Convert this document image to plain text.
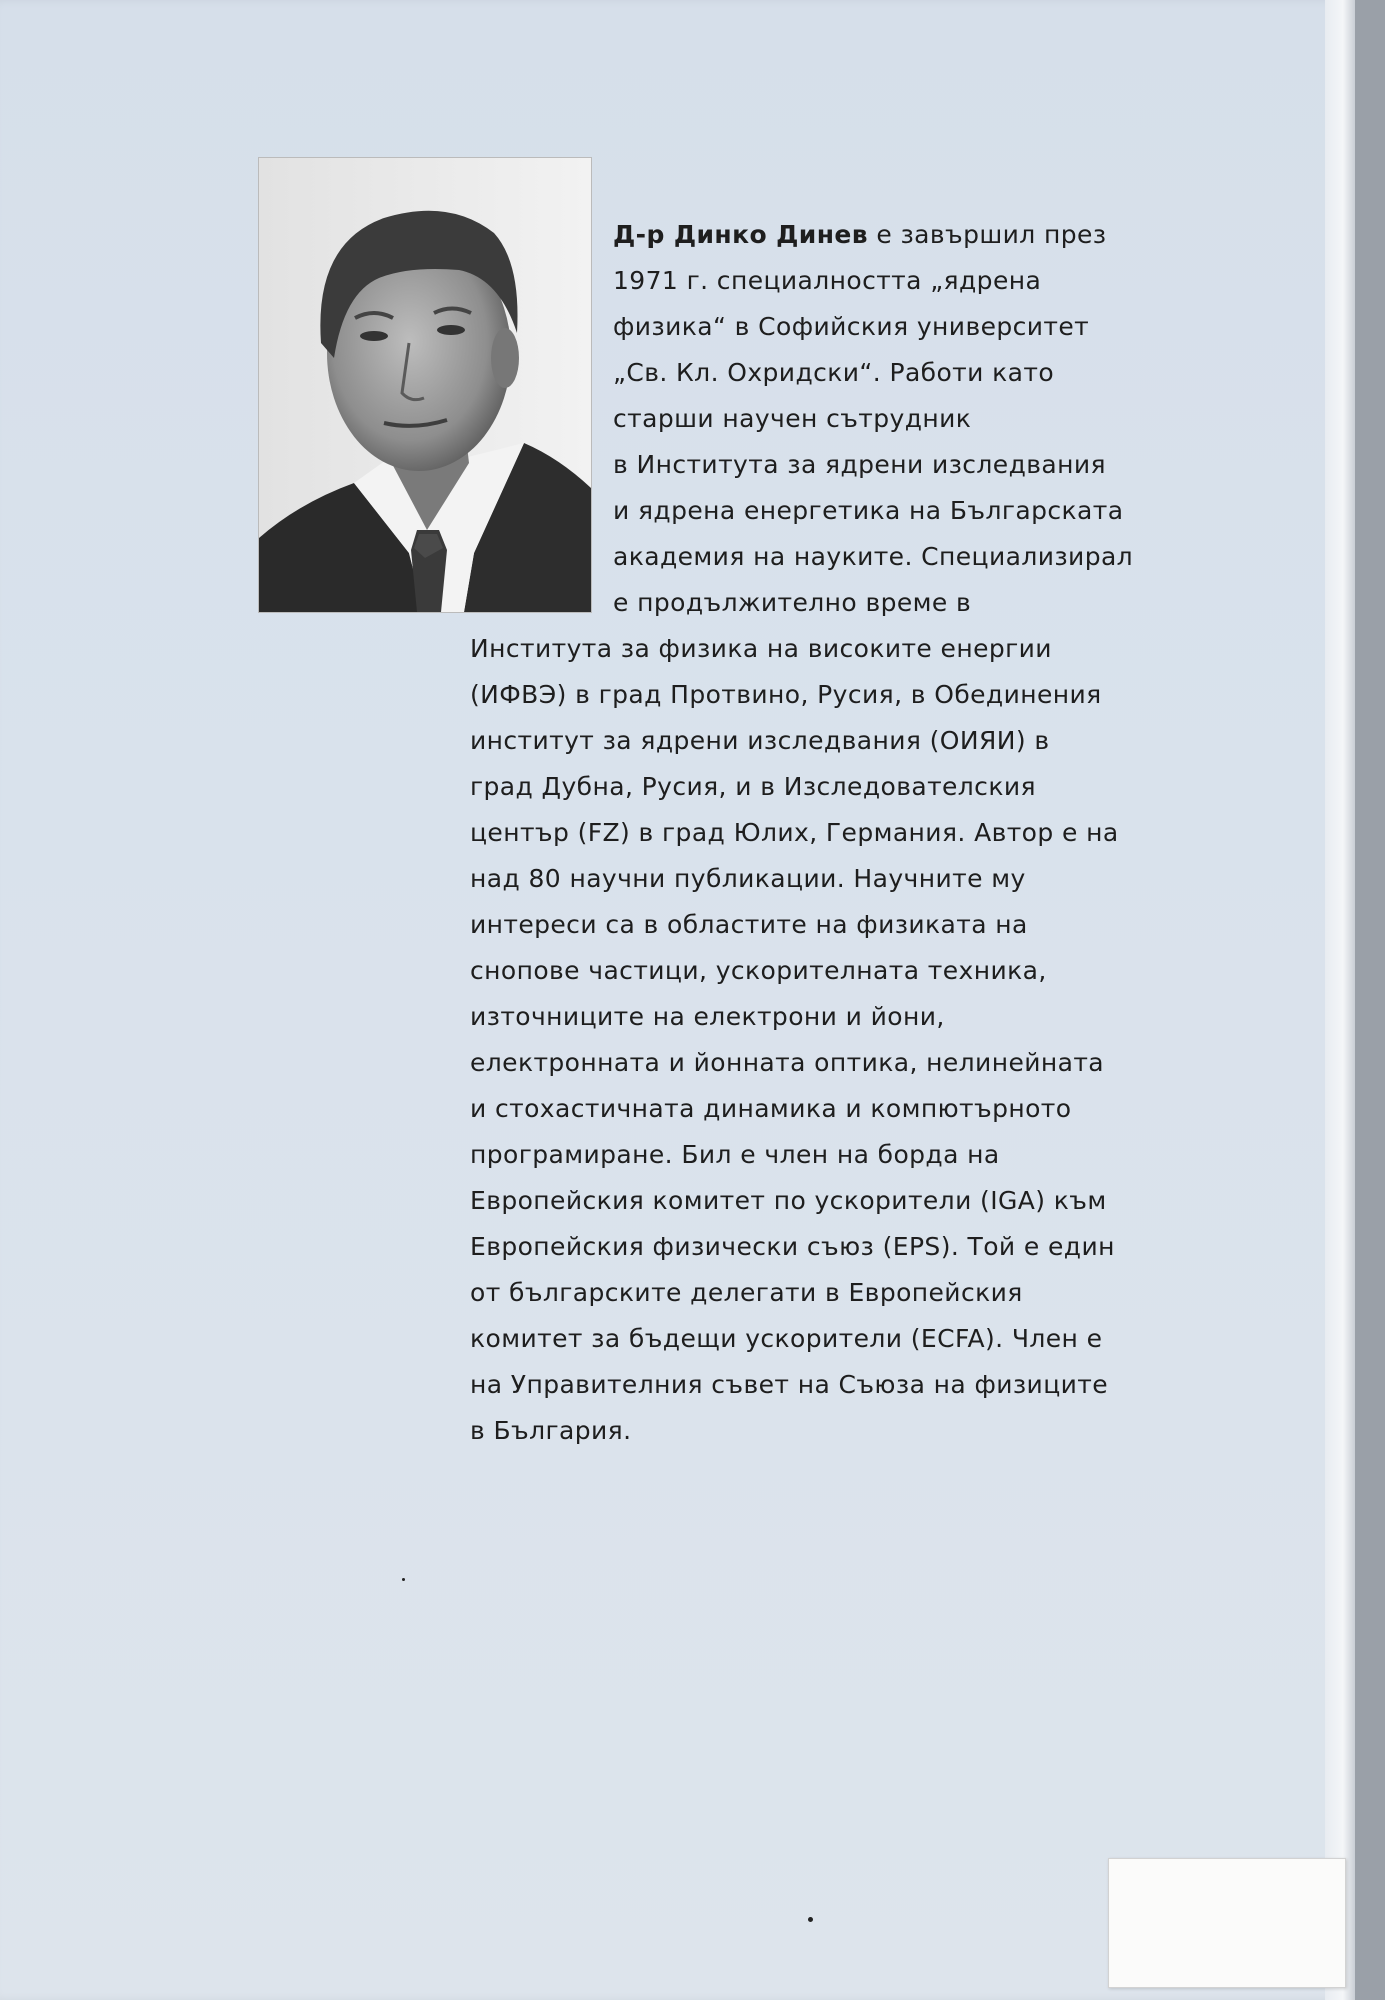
Д-р Динко Динев е завършил през
1971 г. специалността „ядрена
физика“ в Софийския университет
„Св. Кл. Охридски“. Работи като
старши научен сътрудник
в Института за ядрени изследвания
и ядрена енергетика на Българската
академия на науките. Специализирал
е продължително време в
Института за физика на високите енергии
(ИФВЭ) в град Протвино, Русия, в Обединения
институт за ядрени изследвания (ОИЯИ) в
град Дубна, Русия, и в Изследователския
център (FZ) в град Юлих, Германия. Автор е на
над 80 научни публикации. Научните му
интереси са в областите на физиката на
снопове частици, ускорителната техника,
източниците на електрони и йони,
електронната и йонната оптика, нелинейната
и стохастичната динамика и компютърното
програмиране. Бил е член на борда на
Европейския комитет по ускорители (IGA) към
Европейския физически съюз (EPS). Той е един
от българските делегати в Европейския
комитет за бъдещи ускорители (ECFA). Член е
на Управителния съвет на Съюза на физиците
в България.
